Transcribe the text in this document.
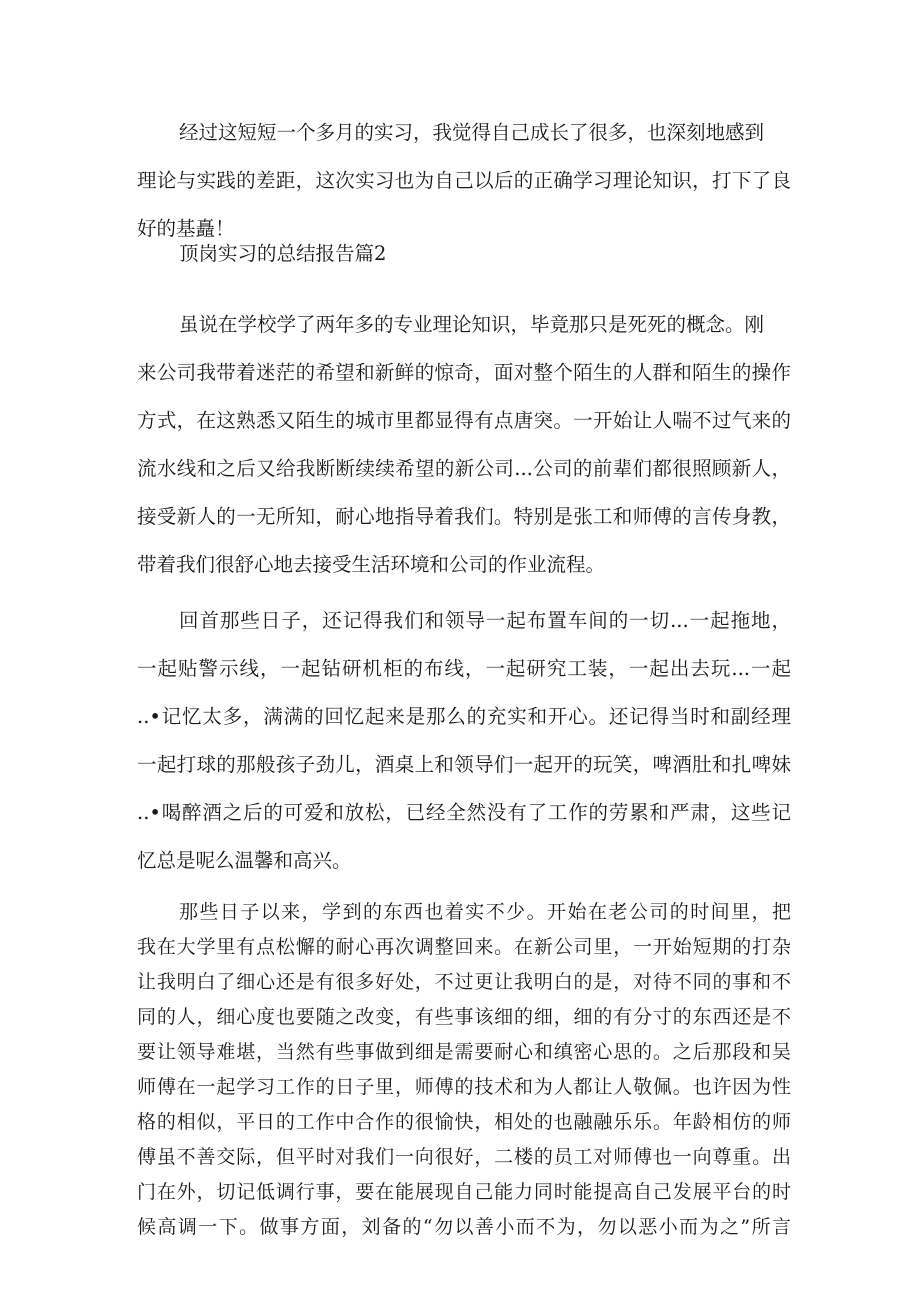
经过这短短一个多月的实习，我觉得自己成长了很多，也深刻地感到
理论与实践的差距，这次实习也为自己以后的正确学习理论知识，打下了良
好的基矗！

顶岗实习的总结报告篇2

虽说在学校学了两年多的专业理论知识，毕竟那只是死死的概念。刚
来公司我带着迷茫的希望和新鲜的惊奇，面对整个陌生的人群和陌生的操作
方式，在这熟悉又陌生的城市里都显得有点唐突。一开始让人喘不过气来的
流水线和之后又给我断断续续希望的新公司...公司的前辈们都很照顾新人，
接受新人的一无所知，耐心地指导着我们。特别是张工和师傅的言传身教，
带着我们很舒心地去接受生活环境和公司的作业流程。
回首那些日子，还记得我们和领导一起布置车间的一切...一起拖地，
一起贴警示线，一起钻研机柜的布线，一起研究工装，一起出去玩...一起
..•记忆太多，满满的回忆起来是那么的充实和开心。还记得当时和副经理
一起打球的那般孩子劲儿，酒桌上和领导们一起开的玩笑，啤酒肚和扎啤妹
..•喝醉酒之后的可爱和放松，已经全然没有了工作的劳累和严肃，这些记
忆总是呢么温馨和高兴。
那些日子以来，学到的东西也着实不少。开始在老公司的时间里，把
我在大学里有点松懈的耐心再次调整回来。在新公司里，一开始短期的打杂
让我明白了细心还是有很多好处，不过更让我明白的是，对待不同的事和不
同的人，细心度也要随之改变，有些事该细的细，细的有分寸的东西还是不
要让领导难堪，当然有些事做到细是需要耐心和缜密心思的。之后那段和吴
师傅在一起学习工作的日子里，师傅的技术和为人都让人敬佩。也许因为性
格的相似，平日的工作中合作的很愉快，相处的也融融乐乐。年龄相仿的师
傅虽不善交际，但平时对我们一向很好，二楼的员工对师傅也一向尊重。出
门在外，切记低调行事，要在能展现自己能力同时能提高自己发展平台的时
候高调一下。做事方面，刘备的“勿以善小而不为，勿以恶小而为之”所言
